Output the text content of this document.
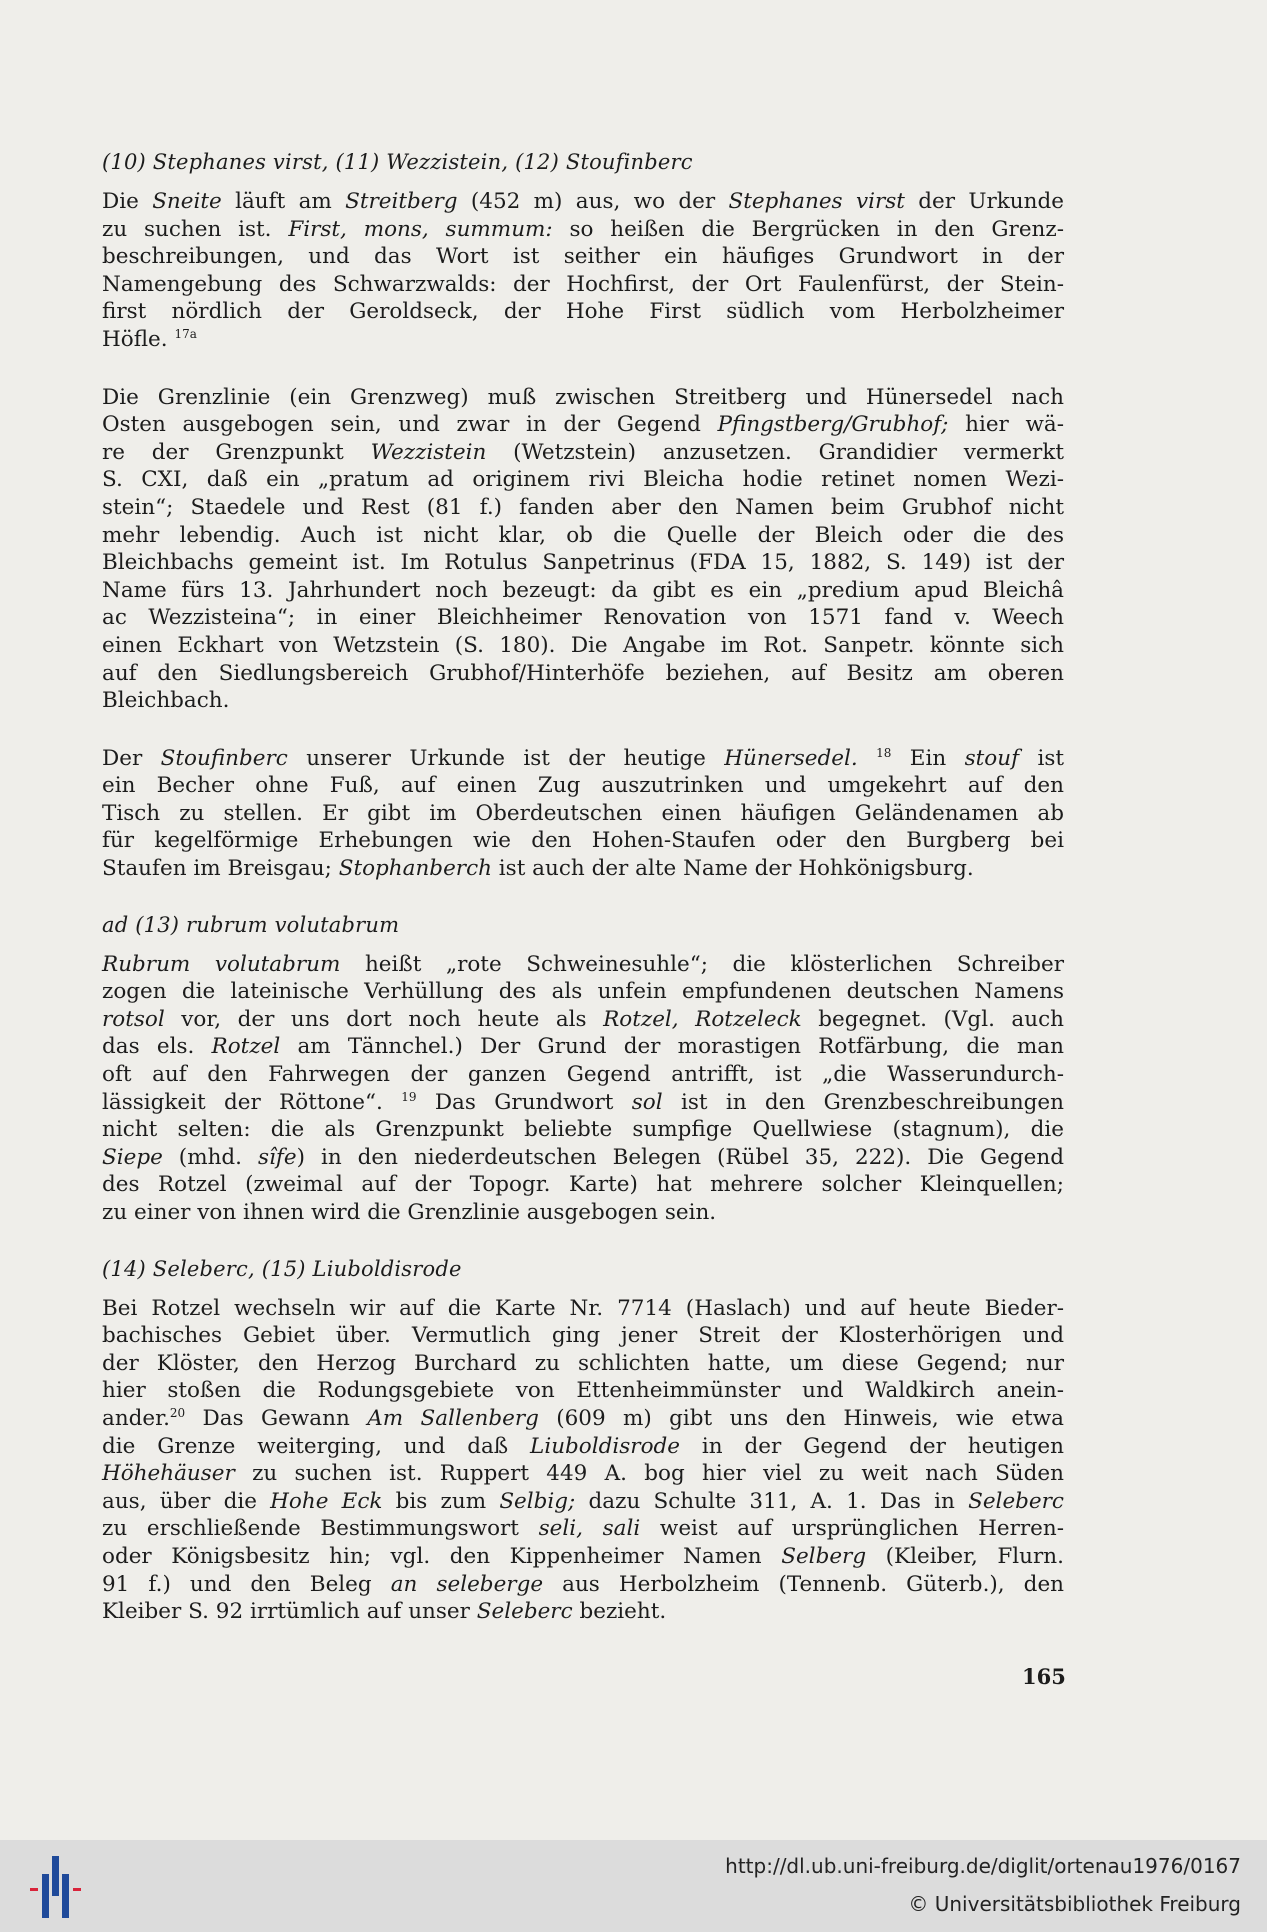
(10) Stephanes virst, (11) Wezzistein, (12) Stoufinberc

Die Sneite läuft am Streitberg (452 m) aus, wo der Stephanes virst der Urkunde
zu suchen ist. First, mons, summum: so heißen die Bergrücken in den Grenz-
beschreibungen, und das Wort ist seither ein häufiges Grundwort in der
Namengebung des Schwarzwalds: der Hochfirst, der Ort Faulenfürst, der Stein-
first nördlich der Geroldseck, der Hohe First südlich vom Herbolzheimer
Höfle. $^{17a}$

Die Grenzlinie (ein Grenzweg) muß zwischen Streitberg und Hünersedel nach
Osten ausgebogen sein, und zwar in der Gegend Pfingstberg/Grubhof; hier wä-
re der Grenzpunkt Wezzistein (Wetzstein) anzusetzen. Grandidier vermerkt
S. CXI, daß ein „pratum ad originem rivi Bleicha hodie retinet nomen Wezi-
stein“; Staedele und Rest (81 f.) fanden aber den Namen beim Grubhof nicht
mehr lebendig. Auch ist nicht klar, ob die Quelle der Bleich oder die des
Bleichbachs gemeint ist. Im Rotulus Sanpetrinus (FDA 15, 1882, S. 149) ist der
Name fürs 13. Jahrhundert noch bezeugt: da gibt es ein „predium apud Bleichâ
ac Wezzisteina“; in einer Bleichheimer Renovation von 1571 fand v. Weech
einen Eckhart von Wetzstein (S. 180). Die Angabe im Rot. Sanpetr. könnte sich
auf den Siedlungsbereich Grubhof/Hinterhöfe beziehen, auf Besitz am oberen
Bleichbach.

Der Stoufinberc unserer Urkunde ist der heutige Hünersedel. $^{18}$ Ein stouf ist
ein Becher ohne Fuß, auf einen Zug auszutrinken und umgekehrt auf den
Tisch zu stellen. Er gibt im Oberdeutschen einen häufigen Geländenamen ab
für kegelförmige Erhebungen wie den Hohen-Staufen oder den Burgberg bei
Staufen im Breisgau; Stophanberch ist auch der alte Name der Hohkönigsburg.

ad (13) rubrum volutabrum

Rubrum volutabrum heißt „rote Schweinesuhle“; die klösterlichen Schreiber
zogen die lateinische Verhüllung des als unfein empfundenen deutschen Namens
rotsol vor, der uns dort noch heute als Rotzel, Rotzeleck begegnet. (Vgl. auch
das els. Rotzel am Tännchel.) Der Grund der morastigen Rotfärbung, die man
oft auf den Fahrwegen der ganzen Gegend antrifft, ist „die Wasserundurch-
lässigkeit der Röttone“. $^{19}$ Das Grundwort sol ist in den Grenzbeschreibungen
nicht selten: die als Grenzpunkt beliebte sumpfige Quellwiese (stagnum), die
Siepe (mhd. sîfe) in den niederdeutschen Belegen (Rübel 35, 222). Die Gegend
des Rotzel (zweimal auf der Topogr. Karte) hat mehrere solcher Kleinquellen;
zu einer von ihnen wird die Grenzlinie ausgebogen sein.

(14) Seleberc, (15) Liuboldisrode

Bei Rotzel wechseln wir auf die Karte Nr. 7714 (Haslach) und auf heute Bieder-
bachisches Gebiet über. Vermutlich ging jener Streit der Klosterhörigen und
der Klöster, den Herzog Burchard zu schlichten hatte, um diese Gegend; nur
hier stoßen die Rodungsgebiete von Ettenheimmünster und Waldkirch anein-
ander.$^{20}$ Das Gewann Am Sallenberg (609 m) gibt uns den Hinweis, wie etwa
die Grenze weiterging, und daß Liuboldisrode in der Gegend der heutigen
Höhehäuser zu suchen ist. Ruppert 449 A. bog hier viel zu weit nach Süden
aus, über die Hohe Eck bis zum Selbig; dazu Schulte 311, A. 1. Das in Seleberc
zu erschließende Bestimmungswort seli, sali weist auf ursprünglichen Herren-
oder Königsbesitz hin; vgl. den Kippenheimer Namen Selberg (Kleiber, Flurn.
91 f.) und den Beleg an seleberge aus Herbolzheim (Tennenb. Güterb.), den
Kleiber S. 92 irrtümlich auf unser Seleberc bezieht.

165
http://dl.ub.uni-freiburg.de/diglit/ortenau1976/0167
© Universitätsbibliothek Freiburg
